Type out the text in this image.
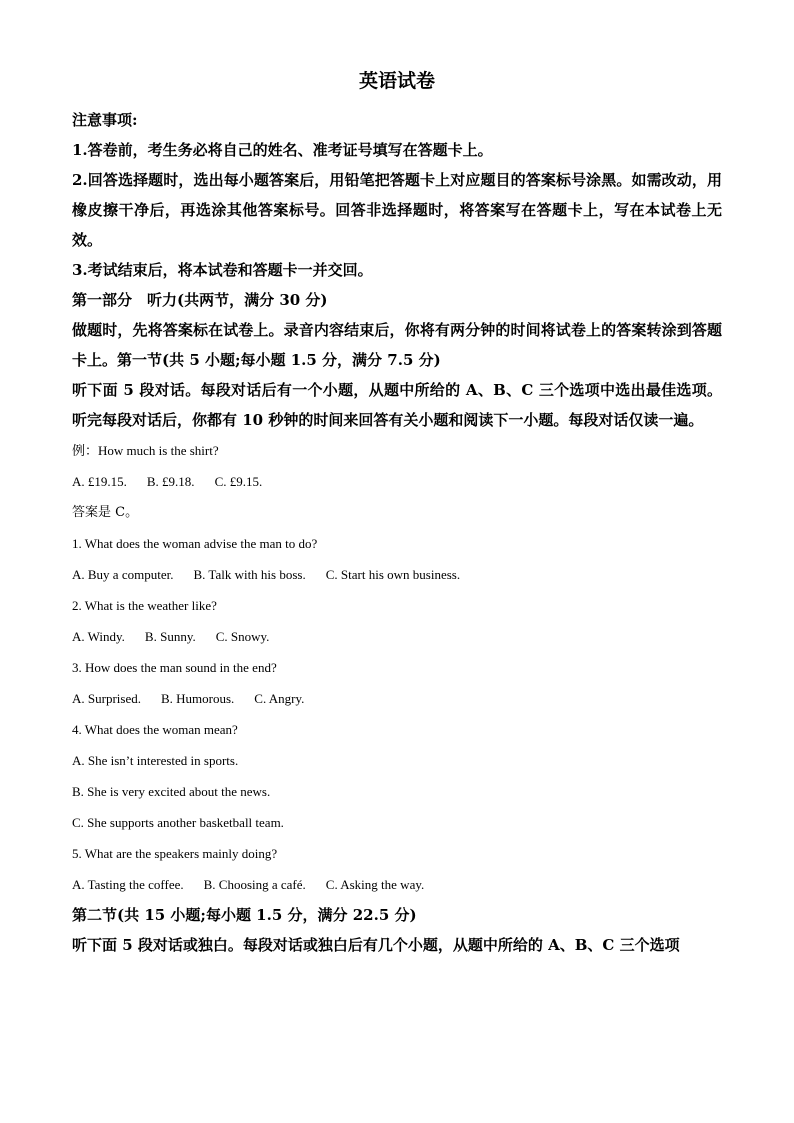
英语试卷

注意事项:

1.答卷前，考生务必将自己的姓名、准考证号填写在答题卡上。

2.回答选择题时，选出每小题答案后，用铅笔把答题卡上对应题目的答案标号涂黑。如需改动，用橡皮擦干净后，再选涂其他答案标号。回答非选择题时，将答案写在答题卡上，写在本试卷上无效。

3.考试结束后，将本试卷和答题卡一并交回。

第一部分　听力(共两节，满分 30 分)

做题时，先将答案标在试卷上。录音内容结束后，你将有两分钟的时间将试卷上的答案转涂到答题卡上。第一节(共 5 小题;每小题 1.5 分，满分 7.5 分)

听下面 5 段对话。每段对话后有一个小题，从题中所给的 A、B、C 三个选项中选出最佳选项。听完每段对话后，你都有 10 秒钟的时间来回答有关小题和阅读下一小题。每段对话仅读一遍。

例：How much is the shirt?

A. £19.15. B. £9.18. C. £9.15.

答案是 C。

1. What does the woman advise the man to do?

A. Buy a computer. B. Talk with his boss. C. Start his own business.

2. What is the weather like?

A. Windy. B. Sunny. C. Snowy.

3. How does the man sound in the end?

A. Surprised. B. Humorous. C. Angry.

4. What does the woman mean?

A. She isn’t interested in sports.

B. She is very excited about the news.

C. She supports another basketball team.

5. What are the speakers mainly doing?

A. Tasting the coffee. B. Choosing a café. C. Asking the way.

第二节(共 15 小题;每小题 1.5 分，满分 22.5 分)

听下面 5 段对话或独白。每段对话或独白后有几个小题，从题中所给的 A、B、C 三个选项
